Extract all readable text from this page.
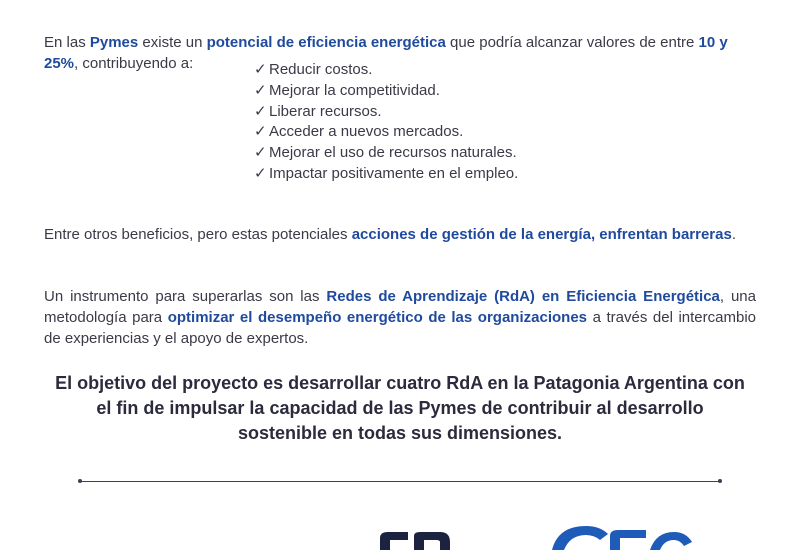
En las Pymes existe un potencial de eficiencia energética que podría alcanzar valores de entre 10 y 25%, contribuyendo a:	✓ Reducir costos.
✓ Mejorar la competitividad.
✓ Liberar recursos.
✓ Acceder a nuevos mercados.
✓ Mejorar el uso de recursos naturales.
✓ Impactar positivamente en el empleo.

Entre otros beneficios, pero estas potenciales acciones de gestión de la energía, enfrentan barreras.

Un instrumento para superarlas son las Redes de Aprendizaje (RdA) en Eficiencia Energética, una metodología para optimizar el desempeño energético de las organizaciones a través del intercambio de experiencias y el apoyo de expertos.

El objetivo del proyecto es desarrollar cuatro RdA en la Patagonia Argentina con el fin de impulsar la capacidad de las Pymes de contribuir al desarrollo sostenible en todas sus dimensiones.
